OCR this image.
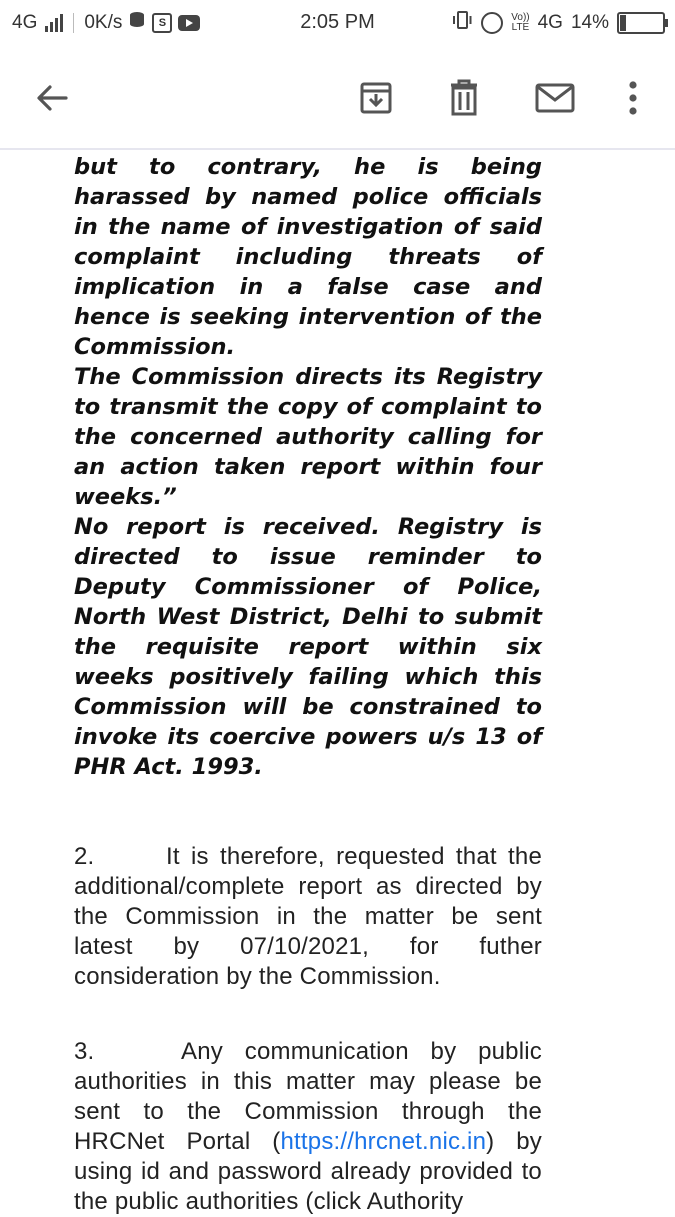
4G 0K/s	S	2:05 PM	Vo))
LTE 4G 14%
but to contrary, he is being harassed by named police officials in the name of investigation of said complaint including threats of implication in a false case and hence is seeking intervention of the Commission.
The Commission directs its Registry to transmit the copy of complaint to the concerned authority calling for an action taken report within four weeks.”
No report is received. Registry is directed to issue reminder to Deputy Commissioner of Police, North West District, Delhi to submit the requisite report within six weeks positively failing which this Commission will be constrained to invoke its coercive powers u/s 13 of PHR Act. 1993.
2.	It is therefore, requested that the additional/complete report as directed by the Commission in the matter be sent latest by 07/10/2021, for futher consideration by the Commission.
3.	Any communication by public authorities in this matter may please be sent to the Commission through the HRCNet Portal (https://hrcnet.nic.in) by using id and password already provided to the public authorities (click Authority
